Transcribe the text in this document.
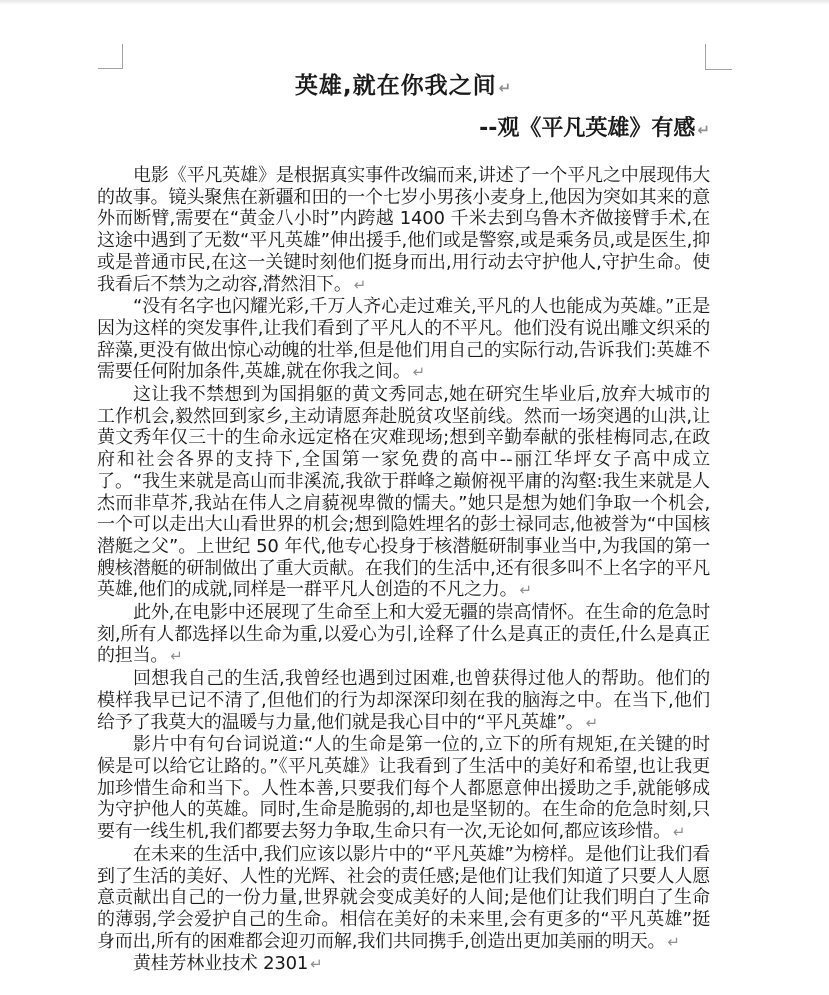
英雄,就在你我之间 ↵
--观《平凡英雄》有感 ↵

电影《平凡英雄》是根据真实事件改编而来,讲述了一个平凡之中展现伟大的故事。镜头聚焦在新疆和田的一个七岁小男孩小麦身上,他因为突如其来的意外而断臂,需要在“黄金八小时”内跨越 1400 千米去到乌鲁木齐做接臂手术,在这途中遇到了无数“平凡英雄”伸出援手,他们或是警察,或是乘务员,或是医生,抑或是普通市民,在这一关键时刻他们挺身而出,用行动去守护他人,守护生命。使我看后不禁为之动容,潸然泪下。 ↵

“没有名字也闪耀光彩,千万人齐心走过难关,平凡的人也能成为英雄。”正是因为这样的突发事件,让我们看到了平凡人的不平凡。他们没有说出雕文织采的辞藻,更没有做出惊心动魄的壮举,但是他们用自己的实际行动,告诉我们:英雄不需要任何附加条件,英雄,就在你我之间。 ↵

这让我不禁想到为国捐躯的黄文秀同志,她在研究生毕业后,放弃大城市的工作机会,毅然回到家乡,主动请愿奔赴脱贫攻坚前线。然而一场突遇的山洪,让黄文秀年仅三十的生命永远定格在灾难现场;想到辛勤奉献的张桂梅同志,在政府和社会各界的支持下,全国第一家免费的高中--丽江华坪女子高中成立了。“我生来就是高山而非溪流,我欲于群峰之巅俯视平庸的沟壑:我生来就是人杰而非草芥,我站在伟人之肩藐视卑微的懦夫。”她只是想为她们争取一个机会,一个可以走出大山看世界的机会;想到隐姓埋名的彭士禄同志,他被誉为“中国核潜艇之父”。上世纪 50 年代,他专心投身于核潜艇研制事业当中,为我国的第一艘核潜艇的研制做出了重大贡献。在我们的生活中,还有很多叫不上名字的平凡英雄,他们的成就,同样是一群平凡人创造的不凡之力。 ↵

此外,在电影中还展现了生命至上和大爱无疆的崇高情怀。在生命的危急时刻,所有人都选择以生命为重,以爱心为引,诠释了什么是真正的责任,什么是真正的担当。 ↵

回想我自己的生活,我曾经也遇到过困难,也曾获得过他人的帮助。他们的模样我早已记不清了,但他们的行为却深深印刻在我的脑海之中。在当下,他们给予了我莫大的温暖与力量,他们就是我心目中的“平凡英雄”。 ↵

影片中有句台词说道:“人的生命是第一位的,立下的所有规矩,在关键的时候是可以给它让路的。”《平凡英雄》让我看到了生活中的美好和希望,也让我更加珍惜生命和当下。人性本善,只要我们每个人都愿意伸出援助之手,就能够成为守护他人的英雄。同时,生命是脆弱的,却也是坚韧的。在生命的危急时刻,只要有一线生机,我们都要去努力争取,生命只有一次,无论如何,都应该珍惜。 ↵

在未来的生活中,我们应该以影片中的“平凡英雄”为榜样。是他们让我们看到了生活的美好、人性的光辉、社会的责任感;是他们让我们知道了只要人人愿意贡献出自己的一份力量,世界就会变成美好的人间;是他们让我们明白了生命的薄弱,学会爱护自己的生命。相信在美好的未来里,会有更多的“平凡英雄”挺身而出,所有的困难都会迎刃而解,我们共同携手,创造出更加美丽的明天。 ↵

黄桂芳林业技术 2301 ↵
